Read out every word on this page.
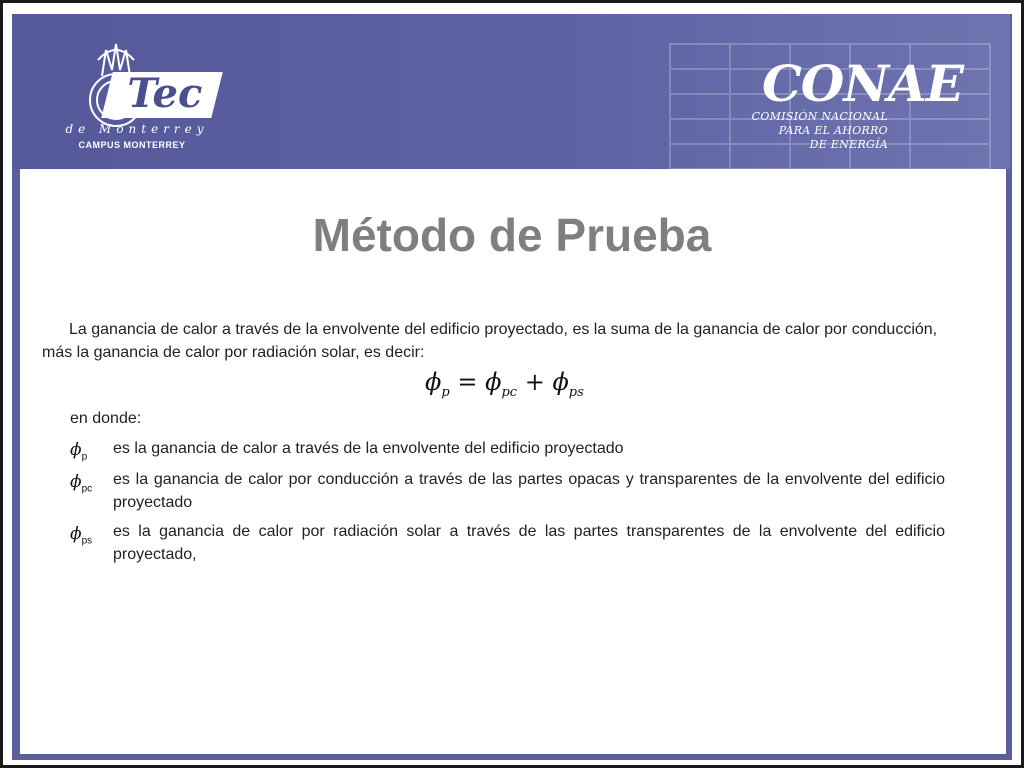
Tec
de Monterrey
CAMPUS MONTERREY
CONAE
COMISIÓN NACIONAL
PARA EL AHORRO
DE ENERGÍA
Método de Prueba
La ganancia de calor a través de la envolvente del edificio proyectado, es la suma de la ganancia de calor por conducción, más la ganancia de calor por radiación solar, es decir:
$\phi_p = \phi_{pc} + \phi_{ps}$
en donde:
$\phi_p$ es la ganancia de calor a través de la envolvente del edificio proyectado
$\phi_{pc}$
es la ganancia de calor por conducción a través de las partes opacas y transparentes de la envolvente del edificio proyectado
$\phi_{ps}$
es la ganancia de calor por radiación solar a través de las partes transparentes de la envolvente del edificio proyectado,
